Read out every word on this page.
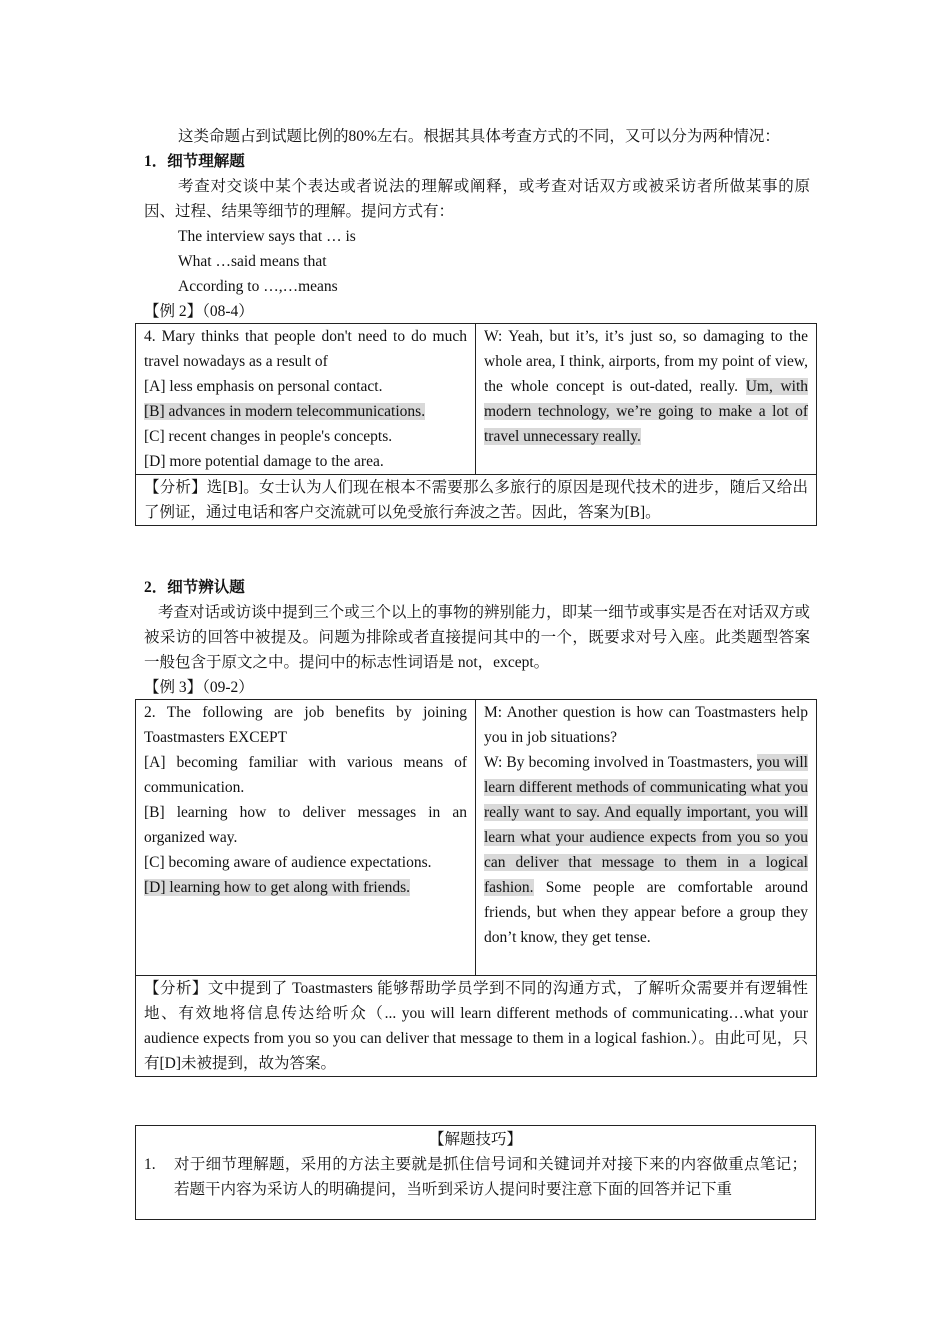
这类命题占到试题比例的80%左右。根据其具体考查方式的不同，又可以分为两种情况：
1．细节理解题
考查对交谈中某个表达或者说法的理解或阐释，或考查对话双方或被采访者所做某事的原因、过程、结果等细节的理解。提问方式有：
The interview says that … is
What …said means that
According to …,…means
【例 2】（08-4）
4. Mary thinks that people don't need to do much travel nowadays as a result of
[A] less emphasis on personal contact.
[B] advances in modern telecommunications.
[C] recent changes in people's concepts.
[D] more potential damage to the area.
	W: Yeah, but it’s, it’s just so, so damaging to the whole area, I think, airports, from my point of view, the whole concept is out-dated, really. Um, with modern technology, we’re going to make a lot of travel unnecessary really.
【分析】选[B]。女士认为人们现在根本不需要那么多旅行的原因是现代技术的进步，随后又给出了例证，通过电话和客户交流就可以免受旅行奔波之苦。因此，答案为[B]。
2．细节辨认题
考查对话或访谈中提到三个或三个以上的事物的辨别能力，即某一细节或事实是否在对话双方或被采访的回答中被提及。问题为排除或者直接提问其中的一个，既要求对号入座。此类题型答案一般包含于原文之中。提问中的标志性词语是 not，except。
【例 3】（09-2）
2. The following are job benefits by joining Toastmasters EXCEPT
[A] becoming familiar with various means of communication.
[B] learning how to deliver messages in an organized way.
[C] becoming aware of audience expectations.
[D] learning how to get along with friends.

M: Another question is how can Toastmasters help you in job situations?
W: By becoming involved in Toastmasters, you will learn different methods of communicating what you really want to say. And equally important, you will learn what your audience expects from you so you can deliver that message to them in a logical fashion. Some people are comfortable around friends, but when they appear before a group they don’t know, they get tense.

【分析】文中提到了 Toastmasters 能够帮助学员学到不同的沟通方式，了解听众需要并有逻辑性地、有效地将信息传达给听众（... you will learn different methods of communicating…what your audience expects from you so you can deliver that message to them in a logical fashion.）。由此可见，只有[D]未被提到，故为答案。
【解题技巧】
1. 对于细节理解题，采用的方法主要就是抓住信号词和关键词并对接下来的内容做重点笔记；若题干内容为采访人的明确提问，当听到采访人提问时要注意下面的回答并记下重
